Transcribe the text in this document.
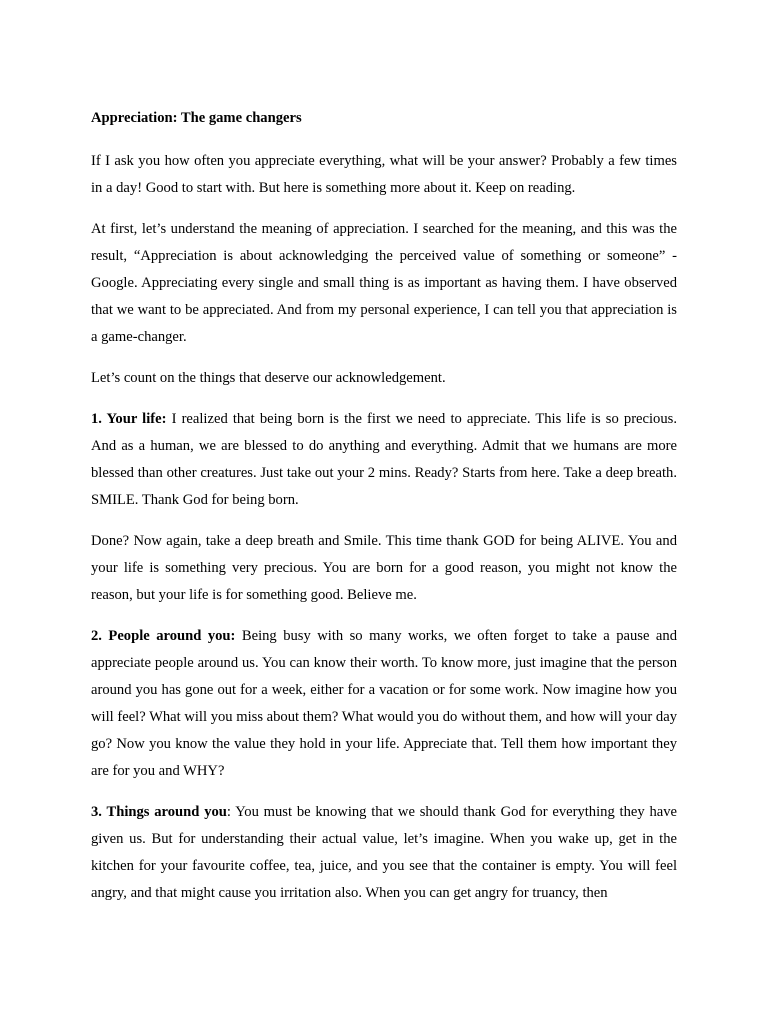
Appreciation: The game changers

If I ask you how often you appreciate everything, what will be your answer? Probably a few times in a day! Good to start with. But here is something more about it. Keep on reading.

At first, let’s understand the meaning of appreciation. I searched for the meaning, and this was the result, “Appreciation is about acknowledging the perceived value of something or someone” - Google. Appreciating every single and small thing is as important as having them. I have observed that we want to be appreciated. And from my personal experience, I can tell you that appreciation is a game-changer.

Let’s count on the things that deserve our acknowledgement.

1. Your life: I realized that being born is the first we need to appreciate. This life is so precious. And as a human, we are blessed to do anything and everything. Admit that we humans are more blessed than other creatures. Just take out your 2 mins. Ready? Starts from here. Take a deep breath. SMILE. Thank God for being born.

Done? Now again, take a deep breath and Smile. This time thank GOD for being ALIVE. You and your life is something very precious. You are born for a good reason, you might not know the reason, but your life is for something good. Believe me.

2. People around you: Being busy with so many works, we often forget to take a pause and appreciate people around us. You can know their worth. To know more, just imagine that the person around you has gone out for a week, either for a vacation or for some work. Now imagine how you will feel? What will you miss about them? What would you do without them, and how will your day go? Now you know the value they hold in your life. Appreciate that. Tell them how important they are for you and WHY?

3. Things around you: You must be knowing that we should thank God for everything they have given us. But for understanding their actual value, let’s imagine. When you wake up, get in the kitchen for your favourite coffee, tea, juice, and you see that the container is empty. You will feel angry, and that might cause you irritation also. When you can get angry for truancy, then
